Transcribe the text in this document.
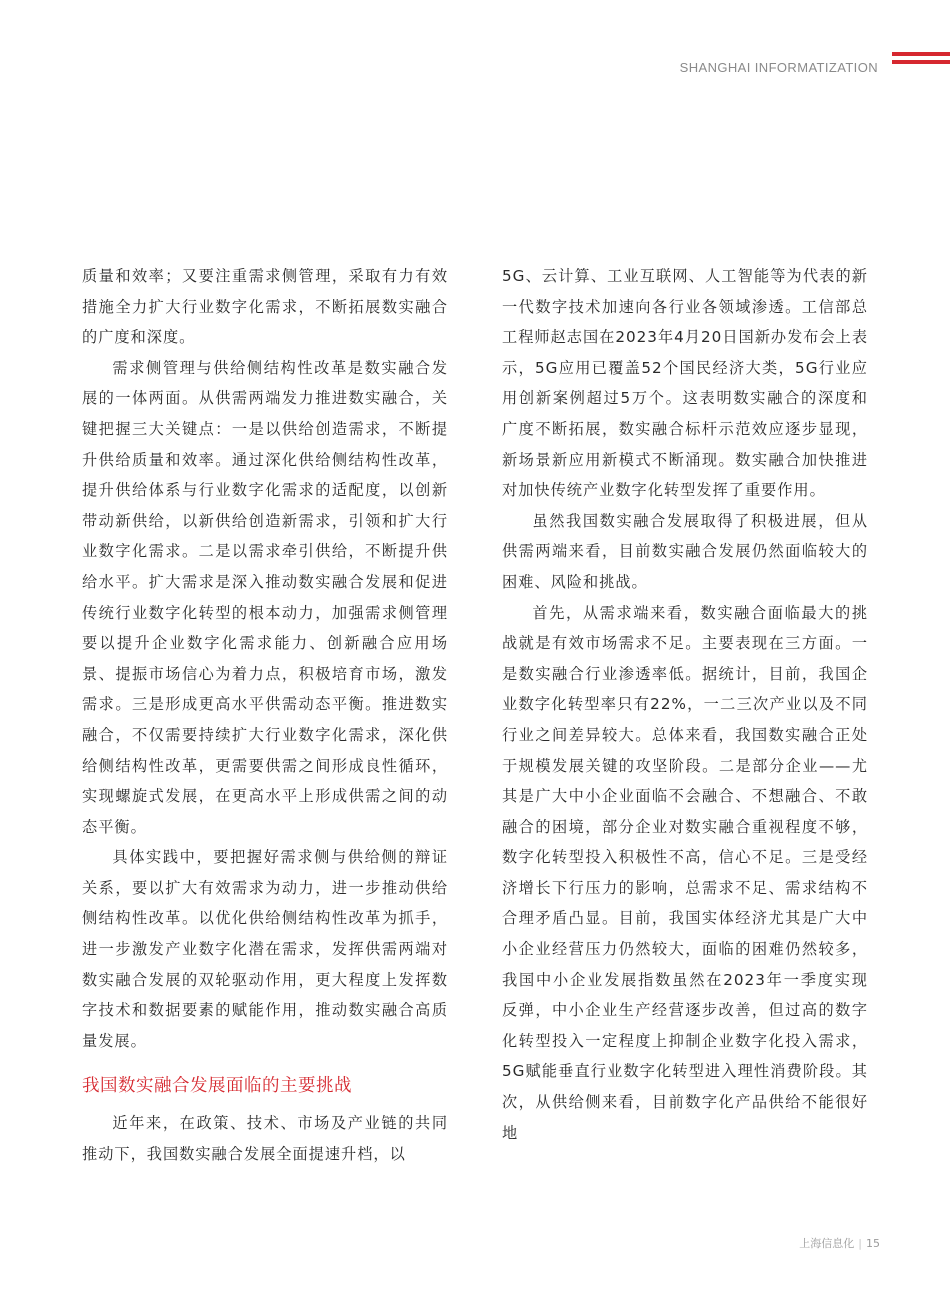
SHANGHAI INFORMATIZATION

质量和效率；又要注重需求侧管理，采取有力有效措施全力扩大行业数字化需求，不断拓展数实融合的广度和深度。

需求侧管理与供给侧结构性改革是数实融合发展的一体两面。从供需两端发力推进数实融合，关键把握三大关键点：一是以供给创造需求，不断提升供给质量和效率。通过深化供给侧结构性改革，提升供给体系与行业数字化需求的适配度，以创新带动新供给，以新供给创造新需求，引领和扩大行业数字化需求。二是以需求牵引供给，不断提升供给水平。扩大需求是深入推动数实融合发展和促进传统行业数字化转型的根本动力，加强需求侧管理要以提升企业数字化需求能力、创新融合应用场景、提振市场信心为着力点，积极培育市场，激发需求。三是形成更高水平供需动态平衡。推进数实融合，不仅需要持续扩大行业数字化需求，深化供给侧结构性改革，更需要供需之间形成良性循环，实现螺旋式发展，在更高水平上形成供需之间的动态平衡。

具体实践中，要把握好需求侧与供给侧的辩证关系，要以扩大有效需求为动力，进一步推动供给侧结构性改革。以优化供给侧结构性改革为抓手，进一步激发产业数字化潜在需求，发挥供需两端对数实融合发展的双轮驱动作用，更大程度上发挥数字技术和数据要素的赋能作用，推动数实融合高质量发展。

我国数实融合发展面临的主要挑战

近年来，在政策、技术、市场及产业链的共同推动下，我国数实融合发展全面提速升档，以

5G、云计算、工业互联网、人工智能等为代表的新一代数字技术加速向各行业各领域渗透。工信部总工程师赵志国在2023年4月20日国新办发布会上表示，5G应用已覆盖52个国民经济大类，5G行业应用创新案例超过5万个。这表明数实融合的深度和广度不断拓展，数实融合标杆示范效应逐步显现，新场景新应用新模式不断涌现。数实融合加快推进对加快传统产业数字化转型发挥了重要作用。

虽然我国数实融合发展取得了积极进展，但从供需两端来看，目前数实融合发展仍然面临较大的困难、风险和挑战。

首先，从需求端来看，数实融合面临最大的挑战就是有效市场需求不足。主要表现在三方面。一是数实融合行业渗透率低。据统计，目前，我国企业数字化转型率只有22%，一二三次产业以及不同行业之间差异较大。总体来看，我国数实融合正处于规模发展关键的攻坚阶段。二是部分企业——尤其是广大中小企业面临不会融合、不想融合、不敢融合的困境，部分企业对数实融合重视程度不够，数字化转型投入积极性不高，信心不足。三是受经济增长下行压力的影响，总需求不足、需求结构不合理矛盾凸显。目前，我国实体经济尤其是广大中小企业经营压力仍然较大，面临的困难仍然较多，我国中小企业发展指数虽然在2023年一季度实现反弹，中小企业生产经营逐步改善，但过高的数字化转型投入一定程度上抑制企业数字化投入需求，5G赋能垂直行业数字化转型进入理性消费阶段。其次，从供给侧来看，目前数字化产品供给不能很好地

上海信息化 | 15
